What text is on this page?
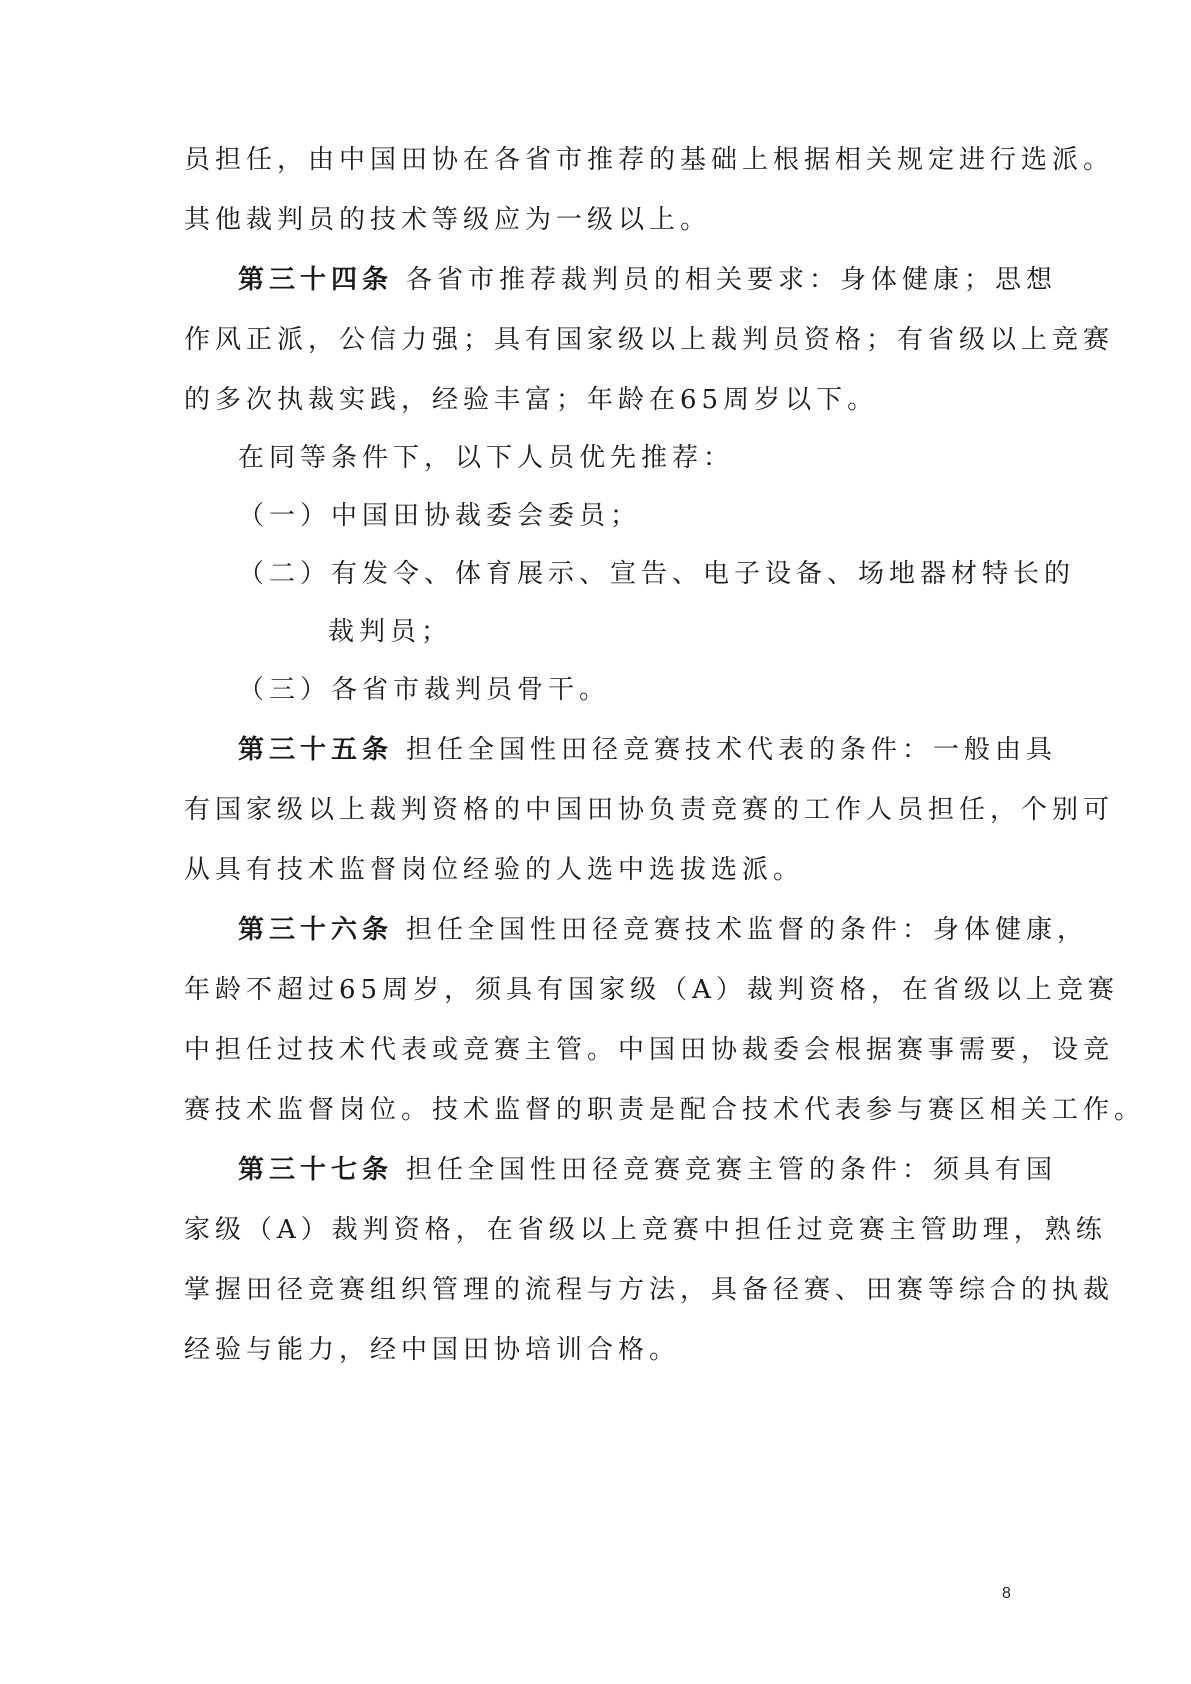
员担任，由中国田协在各省市推荐的基础上根据相关规定进行选派。
其他裁判员的技术等级应为一级以上。
第三十四条 各省市推荐裁判员的相关要求：身体健康；思想
作风正派，公信力强；具有国家级以上裁判员资格；有省级以上竞赛
的多次执裁实践，经验丰富；年龄在65周岁以下。
在同等条件下，以下人员优先推荐：
（一）中国田协裁委会委员；
（二）有发令、体育展示、宣告、电子设备、场地器材特长的
裁判员；
（三）各省市裁判员骨干。
第三十五条 担任全国性田径竞赛技术代表的条件：一般由具
有国家级以上裁判资格的中国田协负责竞赛的工作人员担任，个别可
从具有技术监督岗位经验的人选中选拔选派。
第三十六条 担任全国性田径竞赛技术监督的条件：身体健康，
年龄不超过65周岁，须具有国家级（A）裁判资格，在省级以上竞赛
中担任过技术代表或竞赛主管。中国田协裁委会根据赛事需要，设竞
赛技术监督岗位。技术监督的职责是配合技术代表参与赛区相关工作。
第三十七条 担任全国性田径竞赛竞赛主管的条件：须具有国
家级（A）裁判资格，在省级以上竞赛中担任过竞赛主管助理，熟练
掌握田径竞赛组织管理的流程与方法，具备径赛、田赛等综合的执裁
经验与能力，经中国田协培训合格。
8
